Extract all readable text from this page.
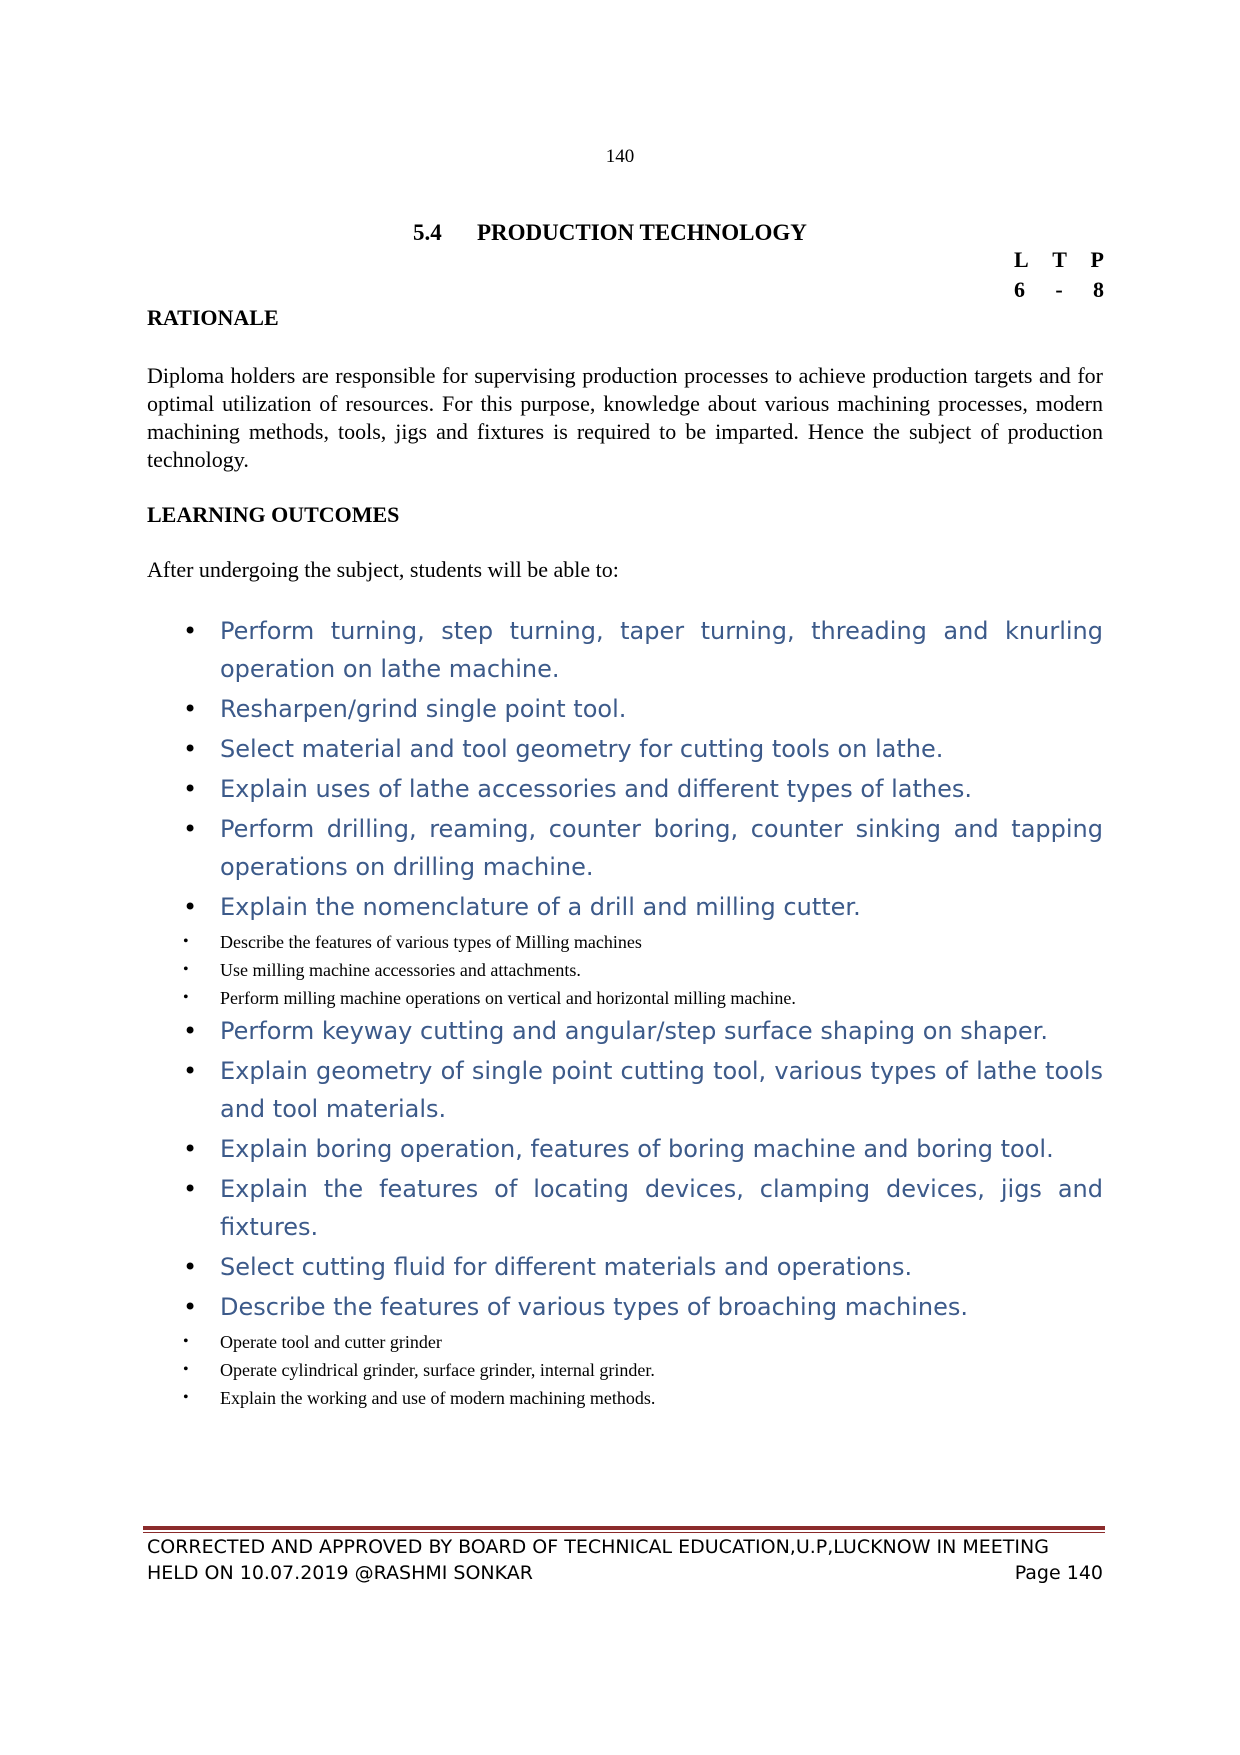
140
5.4 PRODUCTION TECHNOLOGY
L T P
6 - 8
RATIONALE
Diploma holders are responsible for supervising production processes to achieve production targets and for optimal utilization of resources. For this purpose, knowledge about various machining processes, modern machining methods, tools, jigs and fixtures is required to be imparted. Hence the subject of production technology.
LEARNING OUTCOMES
After undergoing the subject, students will be able to:
• Perform turning, step turning, taper turning, threading and knurling operation on lathe machine.
• Resharpen/grind single point tool.
• Select material and tool geometry for cutting tools on lathe.
• Explain uses of lathe accessories and different types of lathes.
• Perform drilling, reaming, counter boring, counter sinking and tapping operations on drilling machine.
• Explain the nomenclature of a drill and milling cutter.
• Describe the features of various types of Milling machines
• Use milling machine accessories and attachments.
• Perform milling machine operations on vertical and horizontal milling machine.
• Perform keyway cutting and angular/step surface shaping on shaper.
• Explain geometry of single point cutting tool, various types of lathe tools and tool materials.
• Explain boring operation, features of boring machine and boring tool.
• Explain the features of locating devices, clamping devices, jigs and fixtures.
• Select cutting fluid for different materials and operations.
• Describe the features of various types of broaching machines.
• Operate tool and cutter grinder
• Operate cylindrical grinder, surface grinder, internal grinder.
• Explain the working and use of modern machining methods.
CORRECTED AND APPROVED BY BOARD OF TECHNICAL EDUCATION,U.P,LUCKNOW IN MEETING
HELD ON 10.07.2019 @RASHMI SONKAR	Page 140
